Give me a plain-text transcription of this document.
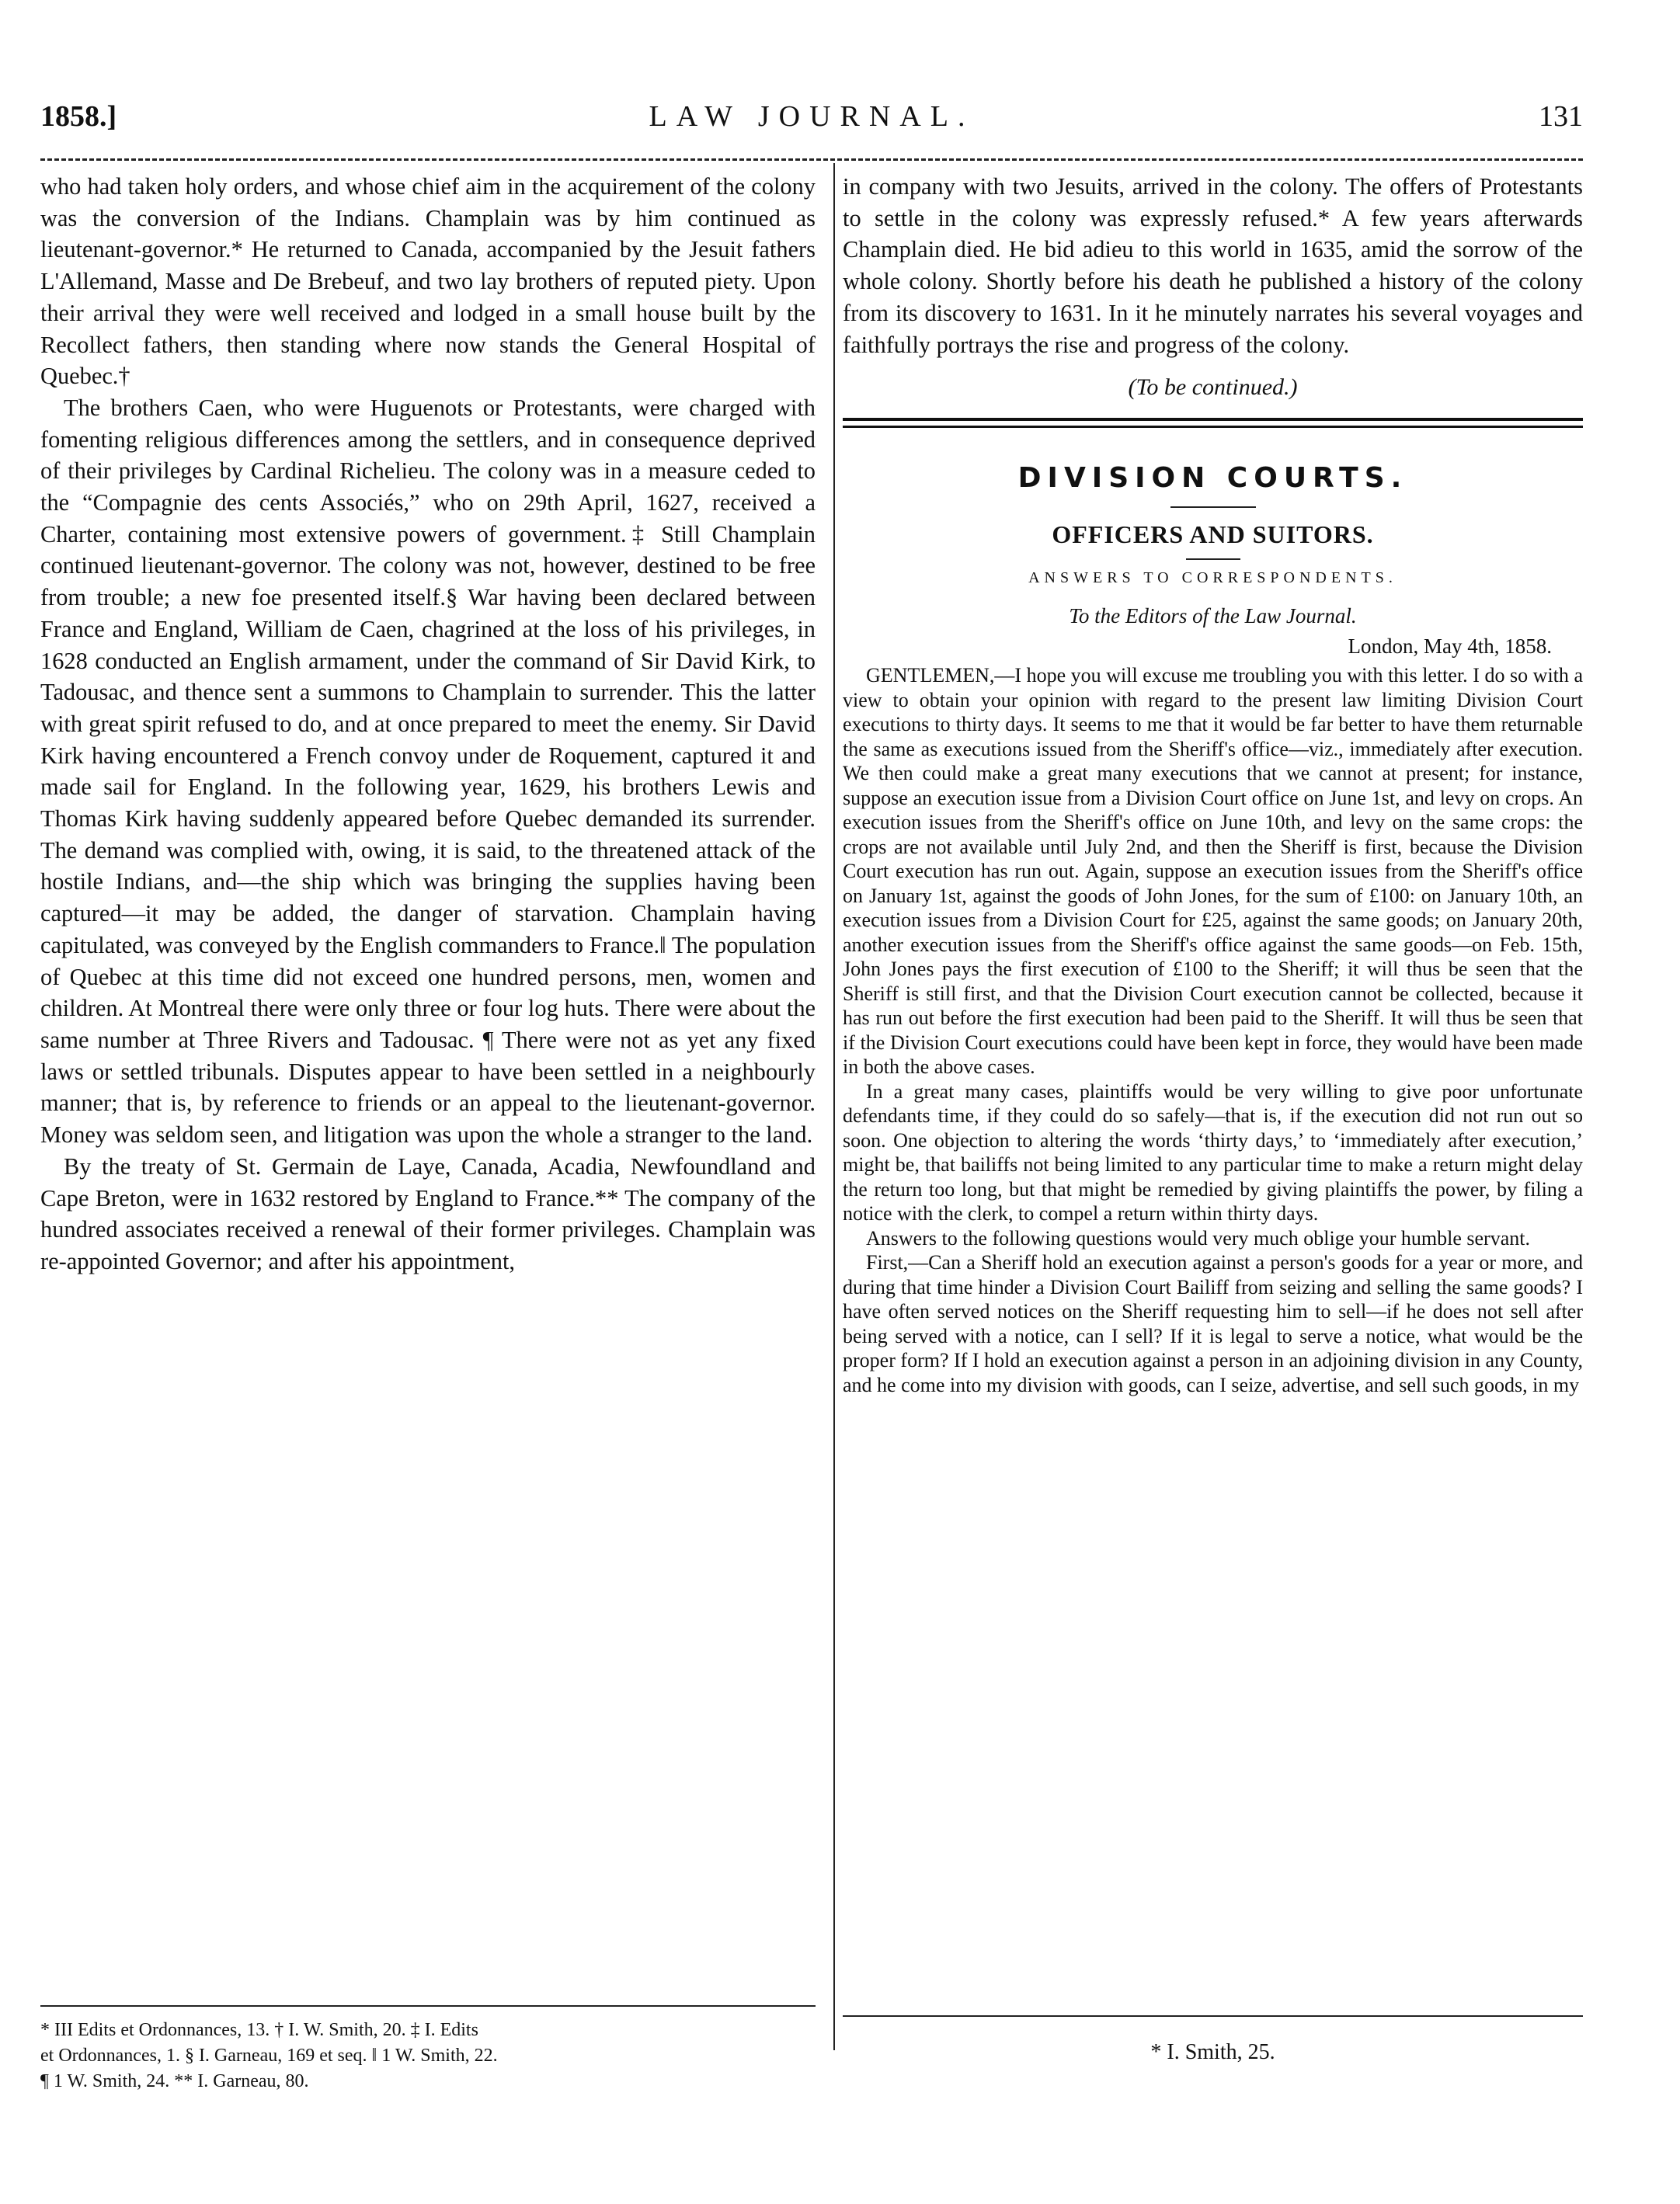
1858.]	LAW JOURNAL.	131

who had taken holy orders, and whose chief aim in the acquirement of the colony was the conversion of the Indians. Champlain was by him continued as lieutenant-governor.* He returned to Canada, accompanied by the Jesuit fathers L'Allemand, Masse and De Brebeuf, and two lay brothers of reputed piety. Upon their arrival they were well received and lodged in a small house built by the Recollect fathers, then standing where now stands the General Hospital of Quebec.†

The brothers Caen, who were Huguenots or Protestants, were charged with fomenting religious differences among the settlers, and in consequence deprived of their privileges by Cardinal Richelieu. The colony was in a measure ceded to the “Compagnie des cents Associés,” who on 29th April, 1627, received a Charter, containing most extensive powers of government.‡ Still Champlain continued lieutenant-governor. The colony was not, however, destined to be free from trouble; a new foe presented itself.§ War having been declared between France and England, William de Caen, chagrined at the loss of his privileges, in 1628 conducted an English armament, under the command of Sir David Kirk, to Tadousac, and thence sent a summons to Champlain to surrender. This the latter with great spirit refused to do, and at once prepared to meet the enemy. Sir David Kirk having encountered a French convoy under de Roquement, captured it and made sail for England. In the following year, 1629, his brothers Lewis and Thomas Kirk having suddenly appeared before Quebec demanded its surrender. The demand was complied with, owing, it is said, to the threatened attack of the hostile Indians, and—the ship which was bringing the supplies having been captured—it may be added, the danger of starvation. Champlain having capitulated, was conveyed by the English commanders to France.‖ The population of Quebec at this time did not exceed one hundred persons, men, women and children. At Montreal there were only three or four log huts. There were about the same number at Three Rivers and Tadousac. ¶ There were not as yet any fixed laws or settled tribunals. Disputes appear to have been settled in a neighbourly manner; that is, by reference to friends or an appeal to the lieutenant-governor. Money was seldom seen, and litigation was upon the whole a stranger to the land.

By the treaty of St. Germain de Laye, Canada, Acadia, Newfoundland and Cape Breton, were in 1632 restored by England to France.** The company of the hundred associates received a renewal of their former privileges. Champlain was re-appointed Governor; and after his appointment,

* III Edits et Ordonnances, 13. † I. W. Smith, 20. ‡ I. Edits
et Ordonnances, 1. § I. Garneau, 169 et seq. ‖ 1 W. Smith, 22.
¶ 1 W. Smith, 24. ** I. Garneau, 80.

in company with two Jesuits, arrived in the colony. The offers of Protestants to settle in the colony was expressly refused.* A few years afterwards Champlain died. He bid adieu to this world in 1635, amid the sorrow of the whole colony. Shortly before his death he published a history of the colony from its discovery to 1631. In it he minutely narrates his several voyages and faithfully portrays the rise and progress of the colony.

(To be continued.)
DIVISION COURTS.
OFFICERS AND SUITORS.
ANSWERS TO CORRESPONDENTS.
To the Editors of the Law Journal.
London, May 4th, 1858.

GENTLEMEN,—I hope you will excuse me troubling you with this letter. I do so with a view to obtain your opinion with regard to the present law limiting Division Court executions to thirty days. It seems to me that it would be far better to have them returnable the same as executions issued from the Sheriff's office—viz., immediately after execution. We then could make a great many executions that we cannot at present; for instance, suppose an execution issue from a Division Court office on June 1st, and levy on crops. An execution issues from the Sheriff's office on June 10th, and levy on the same crops: the crops are not available until July 2nd, and then the Sheriff is first, because the Division Court execution has run out. Again, suppose an execution issues from the Sheriff's office on January 1st, against the goods of John Jones, for the sum of £100: on January 10th, an execution issues from a Division Court for £25, against the same goods; on January 20th, another execution issues from the Sheriff's office against the same goods—on Feb. 15th, John Jones pays the first execution of £100 to the Sheriff; it will thus be seen that the Sheriff is still first, and that the Division Court execution cannot be collected, because it has run out before the first execution had been paid to the Sheriff. It will thus be seen that if the Division Court executions could have been kept in force, they would have been made in both the above cases.

In a great many cases, plaintiffs would be very willing to give poor unfortunate defendants time, if they could do so safely—that is, if the execution did not run out so soon. One objection to altering the words ‘thirty days,’ to ‘immediately after execution,’ might be, that bailiffs not being limited to any particular time to make a return might delay the return too long, but that might be remedied by giving plaintiffs the power, by filing a notice with the clerk, to compel a return within thirty days.

Answers to the following questions would very much oblige your humble servant.

First,—Can a Sheriff hold an execution against a person's goods for a year or more, and during that time hinder a Division Court Bailiff from seizing and selling the same goods? I have often served notices on the Sheriff requesting him to sell—if he does not sell after being served with a notice, can I sell? If it is legal to serve a notice, what would be the proper form? If I hold an execution against a person in an adjoining division in any County, and he come into my division with goods, can I seize, advertise, and sell such goods, in my

* I. Smith, 25.
